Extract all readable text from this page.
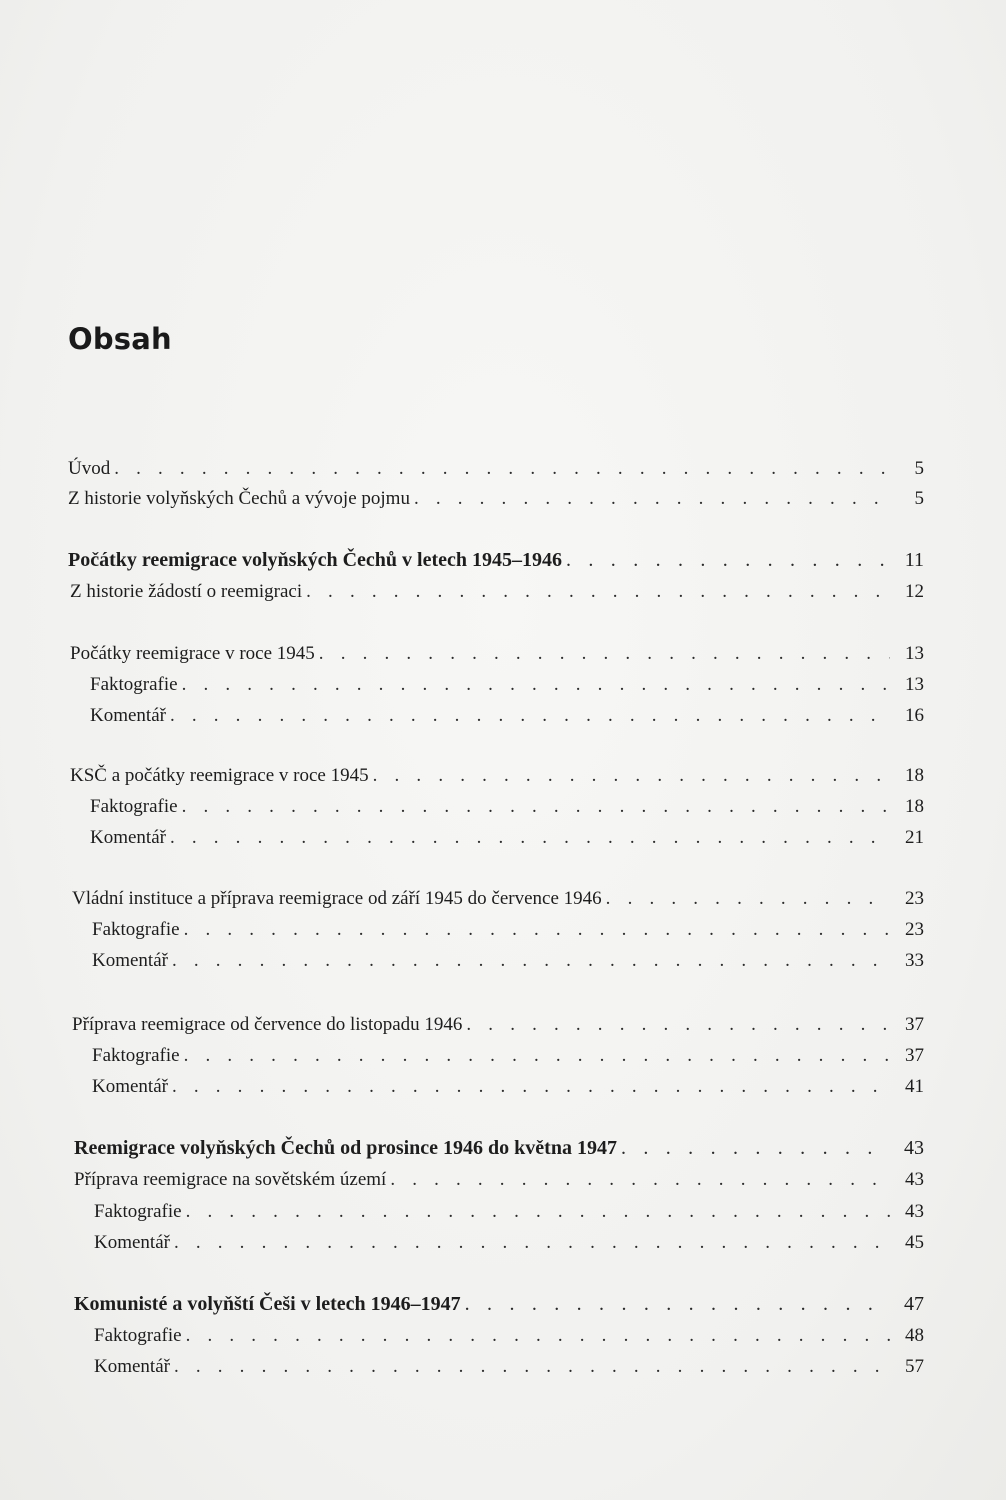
Obsah
Úvod . . .	5
Z historie volyňských Čechů a vývoje pojmu . . .	5
Počátky reemigrace volyňských Čechů v letech 1945–1946 . . .	11
Z historie žádostí o reemigraci . . .	12
Počátky reemigrace v roce 1945 . . .	13
Faktografie . . .	13
Komentář . . .	16
KSČ a počátky reemigrace v roce 1945 . . .	18
Faktografie . . .	18
Komentář . . .	21
Vládní instituce a příprava reemigrace od září 1945 do července 1946 . . .	23
Faktografie . . .	23
Komentář . . .	33
Příprava reemigrace od července do listopadu 1946 . . .	37
Faktografie . . .	37
Komentář . . .	41
Reemigrace volyňských Čechů od prosince 1946 do května 1947 . . .	43
Příprava reemigrace na sovětském území . . .	43
Faktografie . . .	43
Komentář . . .	45
Komunisté a volyňští Češi v letech 1946–1947 . . .	47
Faktografie . . .	48
Komentář . . .	57
